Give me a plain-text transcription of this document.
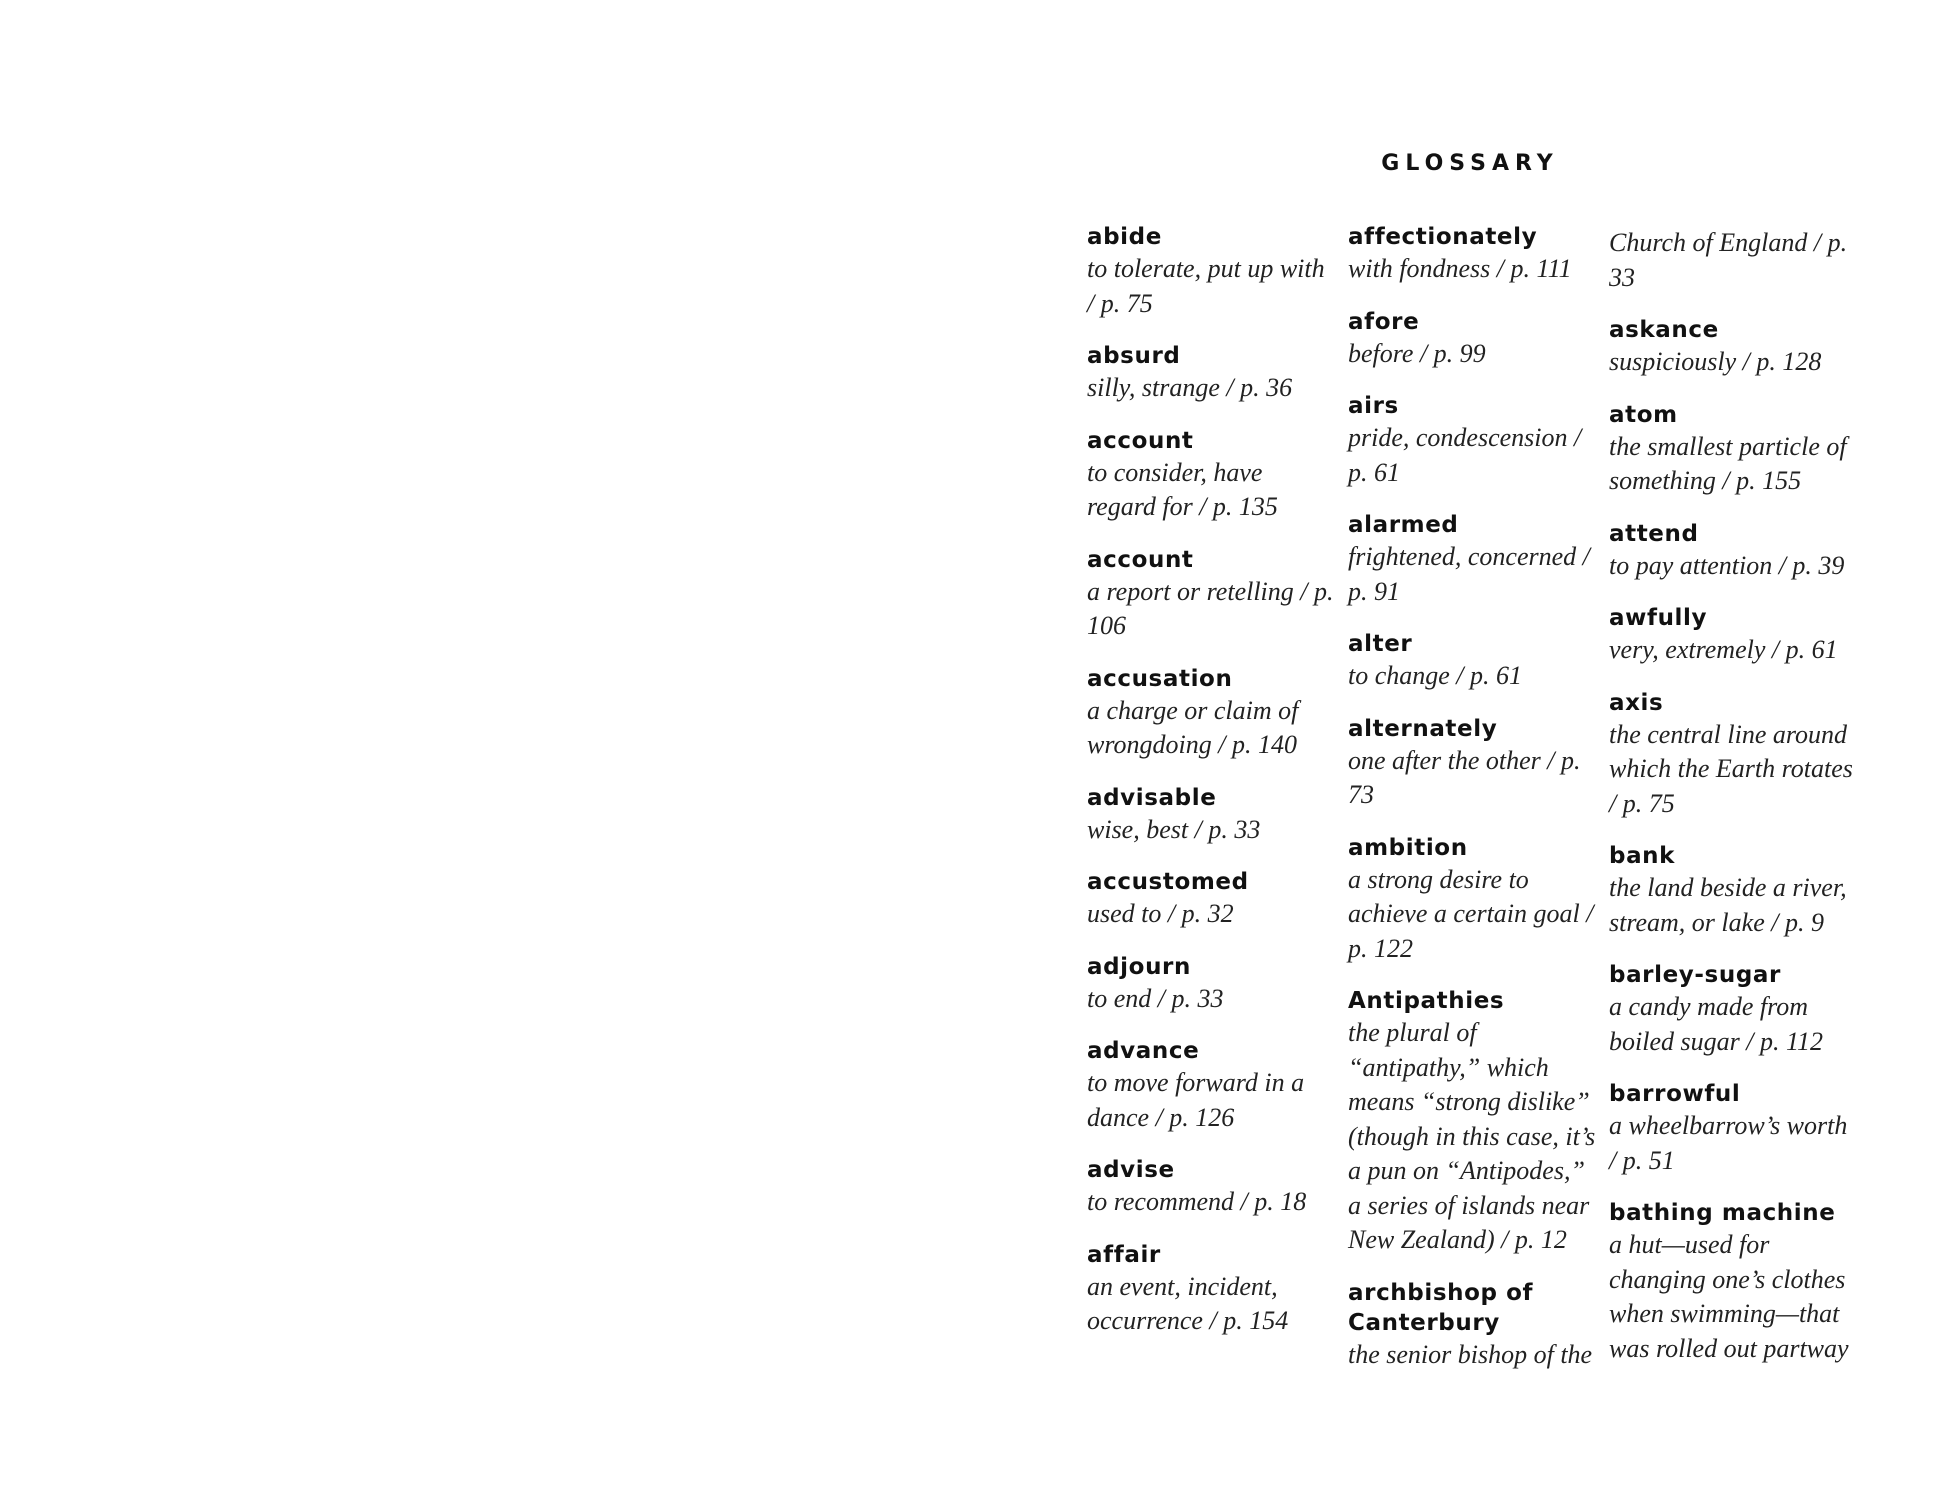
GLOSSARY
abide
to tolerate, put up with / p. 75
absurd
silly, strange / p. 36
account
to consider, have regard for / p. 135
account
a report or retelling / p. 106
accusation
a charge or claim of wrongdoing / p. 140
advisable
wise, best / p. 33
accustomed
used to / p. 32
adjourn
to end / p. 33
advance
to move forward in a dance / p. 126
advise
to recommend / p. 18
affair
an event, incident, occurrence / p. 154
affectionately
with fondness / p. 111
afore
before / p. 99
airs
pride, condescension / p. 61
alarmed
frightened, concerned / p. 91
alter
to change / p. 61
alternately
one after the other / p. 73
ambition
a strong desire to achieve a certain goal / p. 122
Antipathies
the plural of “antipathy,” which means “strong dislike” (though in this case, it’s a pun on “Antipodes,” a series of islands near New Zealand) / p. 12
archbishop of Canterbury
the senior bishop of the
Church of England / p. 33
askance
suspiciously / p. 128
atom
the smallest particle of something / p. 155
attend
to pay attention / p. 39
awfully
very, extremely / p. 61
axis
the central line around which the Earth rotates / p. 75
bank
the land beside a river, stream, or lake / p. 9
barley-sugar
a candy made from boiled sugar / p. 112
barrowful
a wheelbarrow’s worth / p. 51
bathing machine
a hut—used for changing one’s clothes when swimming—that was rolled out partway
